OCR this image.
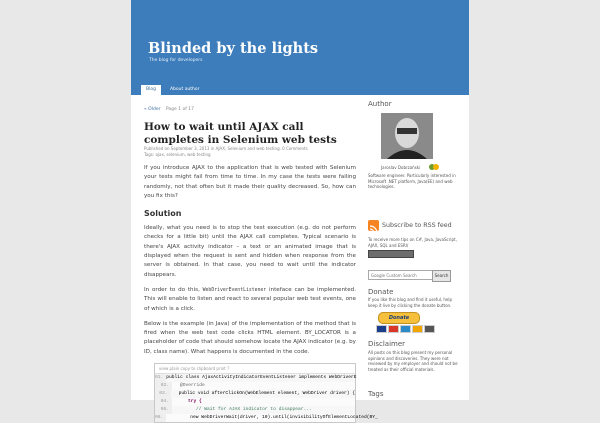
Blinded by the lights
The blog for developers
Blog	About author
« Older Page 1 of 17
How to wait until AJAX call completes in Selenium web tests
Published on September 3, 2013 in AJAX, Selenium and web testing. 0 Comments
Tags: ajax, selenium, web testing

If you introduce AJAX to the application that is web tested with Selenium your tests might fail from time to time. In my case the tests were failing randomly, not that often but it made their quality decreased. So, how can you fix this?

Solution

Ideally, what you need is to stop the test execution (e.g. do not perform checks for a little bit) until the AJAX call completes. Typical scenario is there's AJAX activity indicator – a text or an animated image that is displayed when the request is sent and hidden when response from the server is obtained. In that case, you need to wait until the indicator disappears.

In order to do this, WebDriverEventListener inteface can be implemented. This will enable to listen and react to several popular web test events, one of which is a click.

Below is the example (in Java) of the implementation of the method that is fired when the web test code clicks HTML element. BY_LOCATOR is a placeholder of code that should somehow locate the AJAX indicator (e.g. by ID, class name). What happens is documented in the code.

view plain copy to clipboard print ?
01. public class AjaxActivityIndicatorEventListener implements WebDriverE
02.	@Override
03.	public void afterClickOn(WebElement element, WebDriver driver) {
04.	try {
05.	// Wait for AJAX indicator to disappear...
06.	new WebDriverWait(driver, 10).until(invisibilityOfElementLocated(BY_
Author
Jaroslav Dobrzański
Software engineer. Particularly interested in Microsoft .NET platform, Java(EE) and web technologies.
Subscribe to RSS feed
To receive more tips on C#, Java, JavaScript, AJAX, SQL and ESRI/
Google Custom Search
Search
Donate
If you like this blog and find it useful, help keep it live by clicking the donate button.
Donate
Disclaimer
All posts on this blog present my personal opinions and discoveries. They were not reviewed by my employer and should not be treated as their official materials.
Tags
